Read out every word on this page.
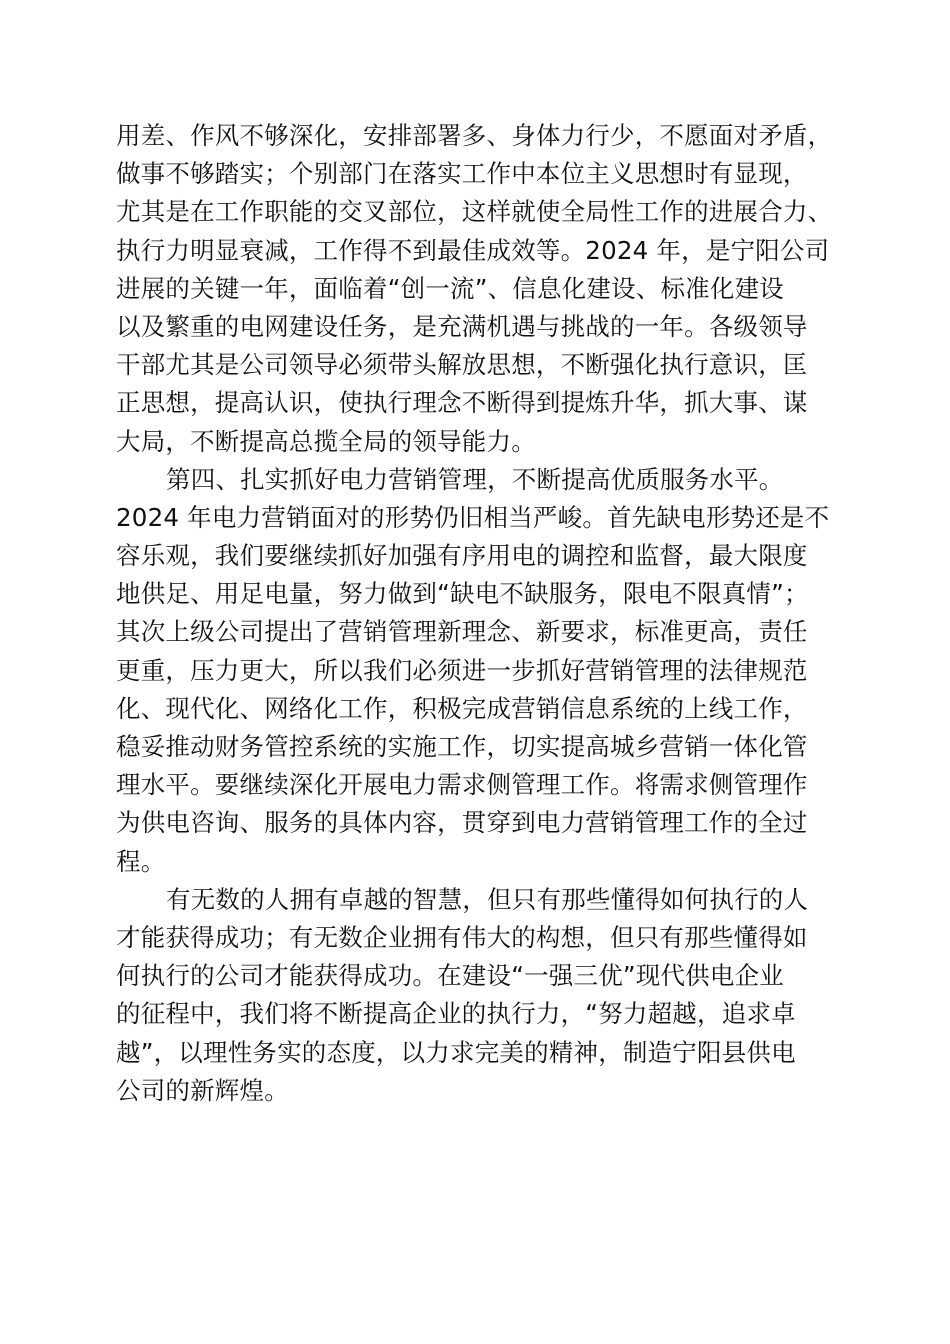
用差、作风不够深化，安排部署多、身体力行少，不愿面对矛盾，
做事不够踏实；个别部门在落实工作中本位主义思想时有显现，
尤其是在工作职能的交叉部位，这样就使全局性工作的进展合力、
执行力明显衰减，工作得不到最佳成效等。2024 年，是宁阳公司
进展的关键一年，面临着“创一流”、信息化建设、标准化建设
以及繁重的电网建设任务，是充满机遇与挑战的一年。各级领导
干部尤其是公司领导必须带头解放思想，不断强化执行意识，匡
正思想，提高认识，使执行理念不断得到提炼升华，抓大事、谋
大局，不断提高总揽全局的领导能力。
第四、扎实抓好电力营销管理，不断提高优质服务水平。
2024 年电力营销面对的形势仍旧相当严峻。首先缺电形势还是不
容乐观，我们要继续抓好加强有序用电的调控和监督，最大限度
地供足、用足电量，努力做到“缺电不缺服务，限电不限真情”；
其次上级公司提出了营销管理新理念、新要求，标准更高，责任
更重，压力更大，所以我们必须进一步抓好营销管理的法律规范
化、现代化、网络化工作，积极完成营销信息系统的上线工作，
稳妥推动财务管控系统的实施工作，切实提高城乡营销一体化管
理水平。要继续深化开展电力需求侧管理工作。将需求侧管理作
为供电咨询、服务的具体内容，贯穿到电力营销管理工作的全过
程。
有无数的人拥有卓越的智慧，但只有那些懂得如何执行的人
才能获得成功；有无数企业拥有伟大的构想，但只有那些懂得如
何执行的公司才能获得成功。在建设“一强三优”现代供电企业
的征程中，我们将不断提高企业的执行力，“努力超越，追求卓
越”，以理性务实的态度，以力求完美的精神，制造宁阳县供电
公司的新辉煌。
